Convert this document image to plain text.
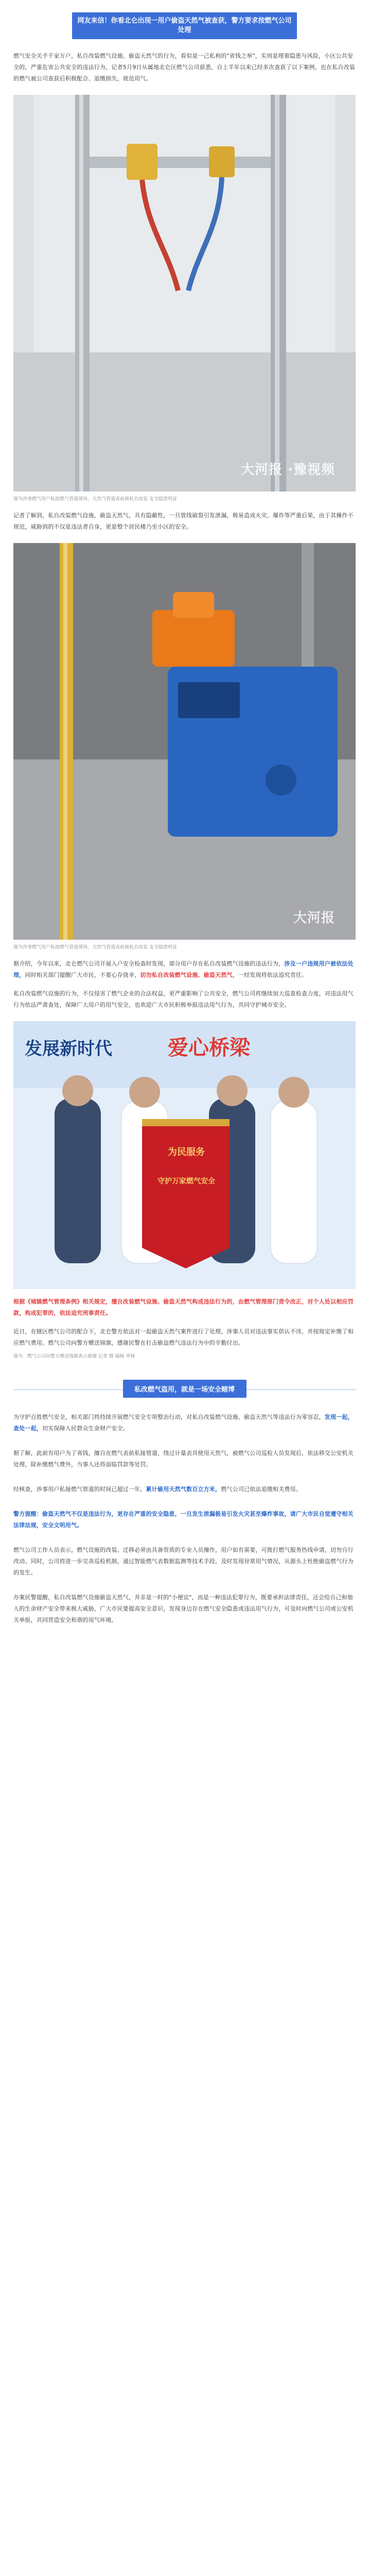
网友来信！你看北仑出现一用户偷盗天然气被查获，警方要求按燃气公司处理

燃气安全关乎千家万户，私自改装燃气设施、偷盗天然气的行为，看似是一己私利的"省钱之举"，实则是埋着隐患与风险，小区公共安全的，严重危害公共安全的违法行为，记者5月9日从属地北仑区燃气公司获悉，自上半年以来已经多次查获了以下案例，也在私自改装的燃气被公司查获后积极配合、追缴损失，规范用气。

大河报 ·豫视频
图为涉事燃气用户私接燃气管道现场，天然气管道表前被私自改装 安全隐患明显

记者了解到，私自改装燃气设施，偷盗天然气，具有隐蔽性，一旦管线破裂引发泄漏，极易造成火灾、爆炸等严重后果，由于其操作不规范，威胁到的不仅是违法者自身，更是整个居民楼乃至小区的安全。

大河报
图为涉事燃气用户私接燃气管道现场，天然气管道表前被私自改装 安全隐患明显

据介绍，今年以来，北仑燃气公司开展入户安全检查时发现，部分用户存在私自改装燃气设施的违法行为，涉及一户违规用户被依法处理，同时相关部门提醒广大市民，不要心存侥幸，切勿私自改装燃气设施、偷盗天然气，一经发现将依法追究责任。

私自改装燃气设施的行为，不仅侵害了燃气企业的合法权益，更严重影响了公共安全，燃气公司将继续加大巡查检查力度，对违法用气行为依法严肃查处，保障广大用户的用气安全，也欢迎广大市民积极举报违法用气行为，共同守护城市安全。

发展新时代	爱心桥梁
为民服务
守护万家燃气安全

根据《城镇燃气管理条例》相关规定，擅自改装燃气设施、偷盗天然气构成违法行为的，由燃气管理部门责令改正，对个人处以相应罚款，构成犯罪的，依法追究刑事责任。

近日，在辖区燃气公司的配合下，北仑警方依法对一起偷盗天然气案件进行了处理，涉事人员对违法事实供认不讳，并按规定补缴了相应燃气费用。燃气公司向警方赠送锦旗，感谢民警在打击偷盗燃气违法行为中的辛勤付出。

图为：燃气公司向警方赠送锦旗表示感谢 记者 摄 编辑 审核
私改燃气盗用，就是一场安全赌博

为守护百姓燃气安全，相关部门将持续开展燃气安全专项整治行动，对私自改装燃气设施、偷盗天然气等违法行为零容忍，发现一起，查处一起，切实保障人民群众生命财产安全。

据了解，此前有用户为了省钱，擅自在燃气表前私接管道，绕过计量表具使用天然气，被燃气公司巡检人员发现后，依法移交公安机关处理，除补缴燃气费外，当事人还将面临罚款等处罚。

经核查，涉事用户私接燃气管道的时间已超过一年，累计偷用天然气数百立方米，燃气公司已依法追缴相关费用。

警方提醒：偷盗天然气不仅是违法行为，更存在严重的安全隐患，一旦发生泄漏极易引发火灾甚至爆炸事故，请广大市民自觉遵守相关法律法规，安全文明用气。

燃气公司工作人员表示，燃气设施的改装、迁移必须由具备资质的专业人员操作，用户如有需要，可拨打燃气服务热线申请，切勿自行改动。同时，公司将进一步完善巡检机制，通过智能燃气表数据监测等技术手段，及时发现异常用气情况，从源头上杜绝偷盗燃气行为的发生。

办案民警提醒，私自改装燃气设施偷盗天然气，并非是一时的"小便宜"，而是一种违法犯罪行为，既要承担法律责任，还会给自己和他人的生命财产安全带来极大威胁，广大市民要提高安全意识，发现身边存在燃气安全隐患或违法用气行为，可及时向燃气公司或公安机关举报，共同营造安全和谐的用气环境。
